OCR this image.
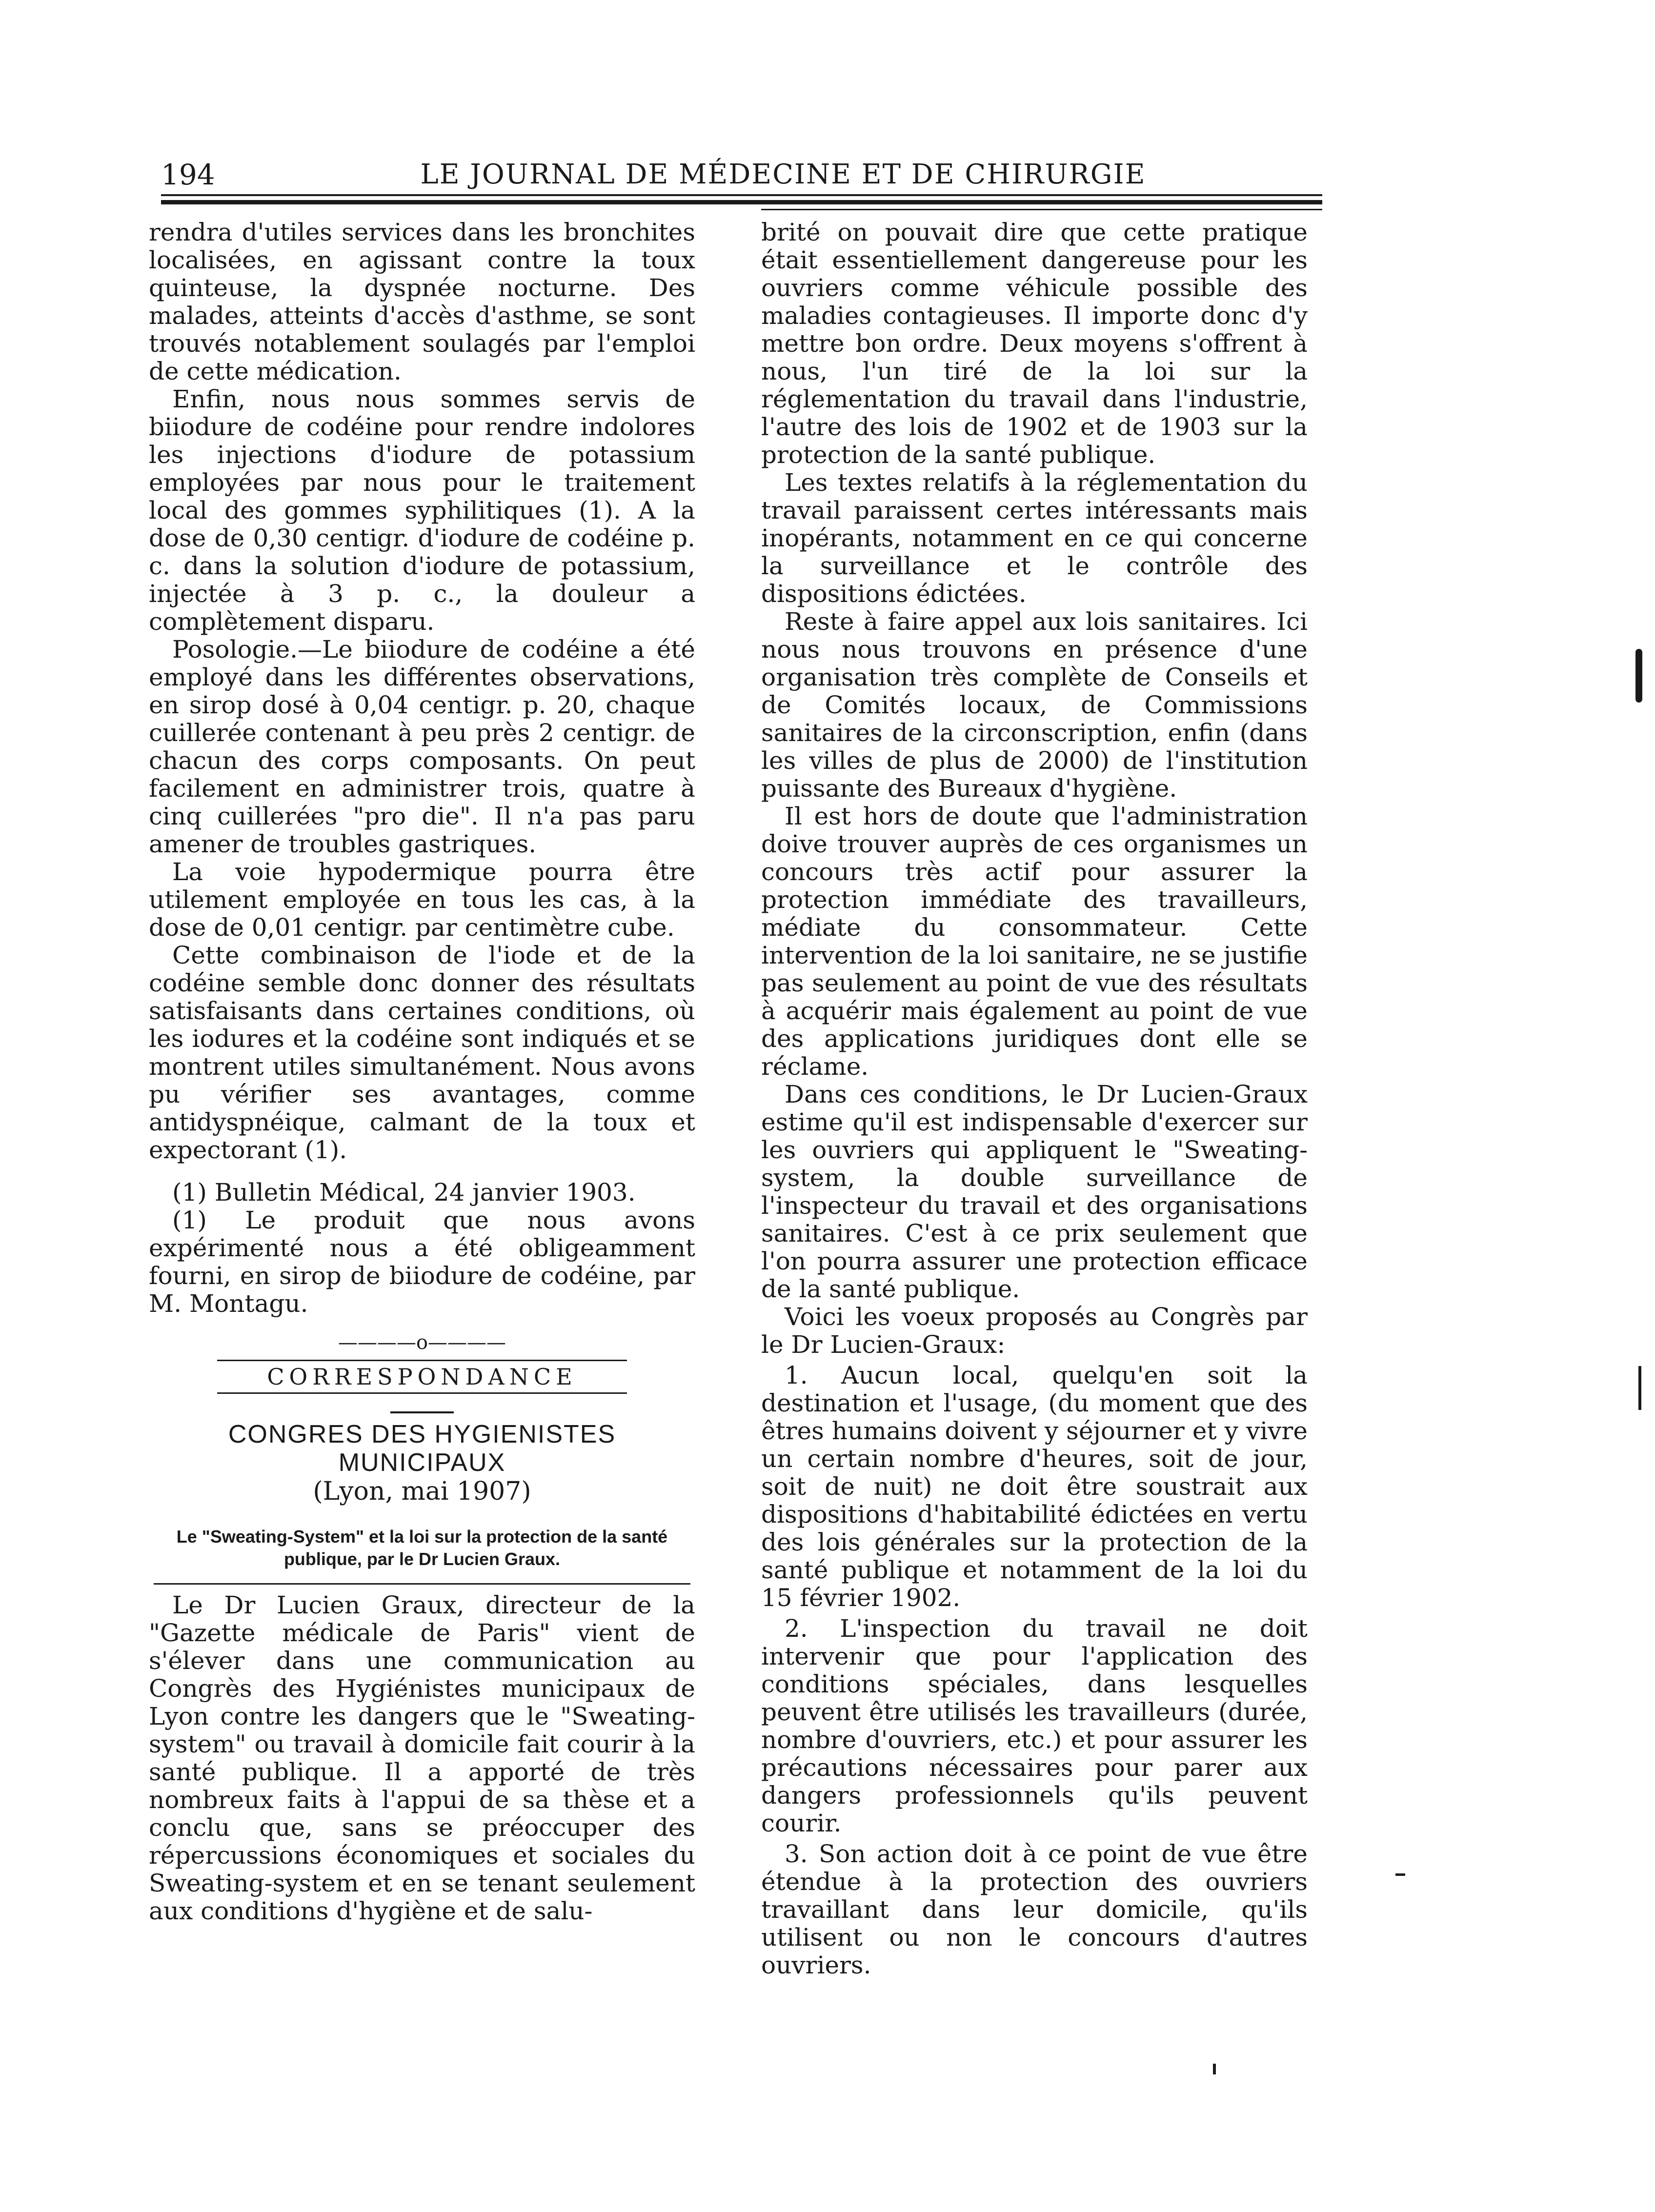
194	LE JOURNAL DE MÉDECINE ET DE CHIRURGIE

rendra d'utiles services dans les bronchites localisées, en agissant contre la toux quinteuse, la dyspnée nocturne. Des malades, atteints d'accès d'asthme, se sont trouvés notablement soulagés par l'emploi de cette médication.

Enfin, nous nous sommes servis de biiodure de codéine pour rendre indolores les injections d'iodure de potassium employées par nous pour le traitement local des gommes syphilitiques (1). A la dose de 0,30 centigr. d'iodure de codéine p. c. dans la solution d'iodure de potassium, injectée à 3 p. c., la douleur a complètement disparu.

Posologie.—Le biiodure de codéine a été employé dans les différentes observations, en sirop dosé à 0,04 centigr. p. 20, chaque cuillerée contenant à peu près 2 centigr. de chacun des corps composants. On peut facilement en administrer trois, quatre à cinq cuillerées "pro die". Il n'a pas paru amener de troubles gastriques.

La voie hypodermique pourra être utilement employée en tous les cas, à la dose de 0,01 centigr. par centimètre cube.

Cette combinaison de l'iode et de la codéine semble donc donner des résultats satisfaisants dans certaines conditions, où les iodures et la codéine sont indiqués et se montrent utiles simultanément. Nous avons pu vérifier ses avantages, comme antidyspnéique, calmant de la toux et expectorant (1).

(1) Bulletin Médical, 24 janvier 1903.

(1) Le produit que nous avons expérimenté nous a été obligeamment fourni, en sirop de biiodure de codéine, par M. Montagu.

————o————
CORRESPONDANCE
CONGRES DES HYGIENISTES MUNICIPAUX
(Lyon, mai 1907)
Le "Sweating-System" et la loi sur la protection de la santé publique, par le Dr Lucien Graux.

Le Dr Lucien Graux, directeur de la "Gazette médicale de Paris" vient de s'élever dans une communication au Congrès des Hygiénistes municipaux de Lyon contre les dangers que le "Sweating-system" ou travail à domicile fait courir à la santé publique. Il a apporté de très nombreux faits à l'appui de sa thèse et a conclu que, sans se préoccuper des répercussions économiques et sociales du Sweating-system et en se tenant seulement aux conditions d'hygiène et de salu-

brité on pouvait dire que cette pratique était essentiellement dangereuse pour les ouvriers comme véhicule possible des maladies contagieuses. Il importe donc d'y mettre bon ordre. Deux moyens s'offrent à nous, l'un tiré de la loi sur la réglementation du travail dans l'industrie, l'autre des lois de 1902 et de 1903 sur la protection de la santé publique.

Les textes relatifs à la réglementation du travail paraissent certes intéressants mais inopérants, notamment en ce qui concerne la surveillance et le contrôle des dispositions édictées.

Reste à faire appel aux lois sanitaires. Ici nous nous trouvons en présence d'une organisation très complète de Conseils et de Comités locaux, de Commissions sanitaires de la circonscription, enfin (dans les villes de plus de 2000) de l'institution puissante des Bureaux d'hygiène.

Il est hors de doute que l'administration doive trouver auprès de ces organismes un concours très actif pour assurer la protection immédiate des travailleurs, médiate du consommateur. Cette intervention de la loi sanitaire, ne se justifie pas seulement au point de vue des résultats à acquérir mais également au point de vue des applications juridiques dont elle se réclame.

Dans ces conditions, le Dr Lucien-Graux estime qu'il est indispensable d'exercer sur les ouvriers qui appliquent le "Sweating-system, la double surveillance de l'inspecteur du travail et des organisations sanitaires. C'est à ce prix seulement que l'on pourra assurer une protection efficace de la santé publique.

Voici les voeux proposés au Congrès par le Dr Lucien-Graux:

1. Aucun local, quelqu'en soit la destination et l'usage, (du moment que des êtres humains doivent y séjourner et y vivre un certain nombre d'heures, soit de jour, soit de nuit) ne doit être soustrait aux dispositions d'habitabilité édictées en vertu des lois générales sur la protection de la santé publique et notamment de la loi du 15 février 1902.

2. L'inspection du travail ne doit intervenir que pour l'application des conditions spéciales, dans lesquelles peuvent être utilisés les travailleurs (durée, nombre d'ouvriers, etc.) et pour assurer les précautions nécessaires pour parer aux dangers professionnels qu'ils peuvent courir.

3. Son action doit à ce point de vue être étendue à la protection des ouvriers travaillant dans leur domicile, qu'ils utilisent ou non le concours d'autres ouvriers.
